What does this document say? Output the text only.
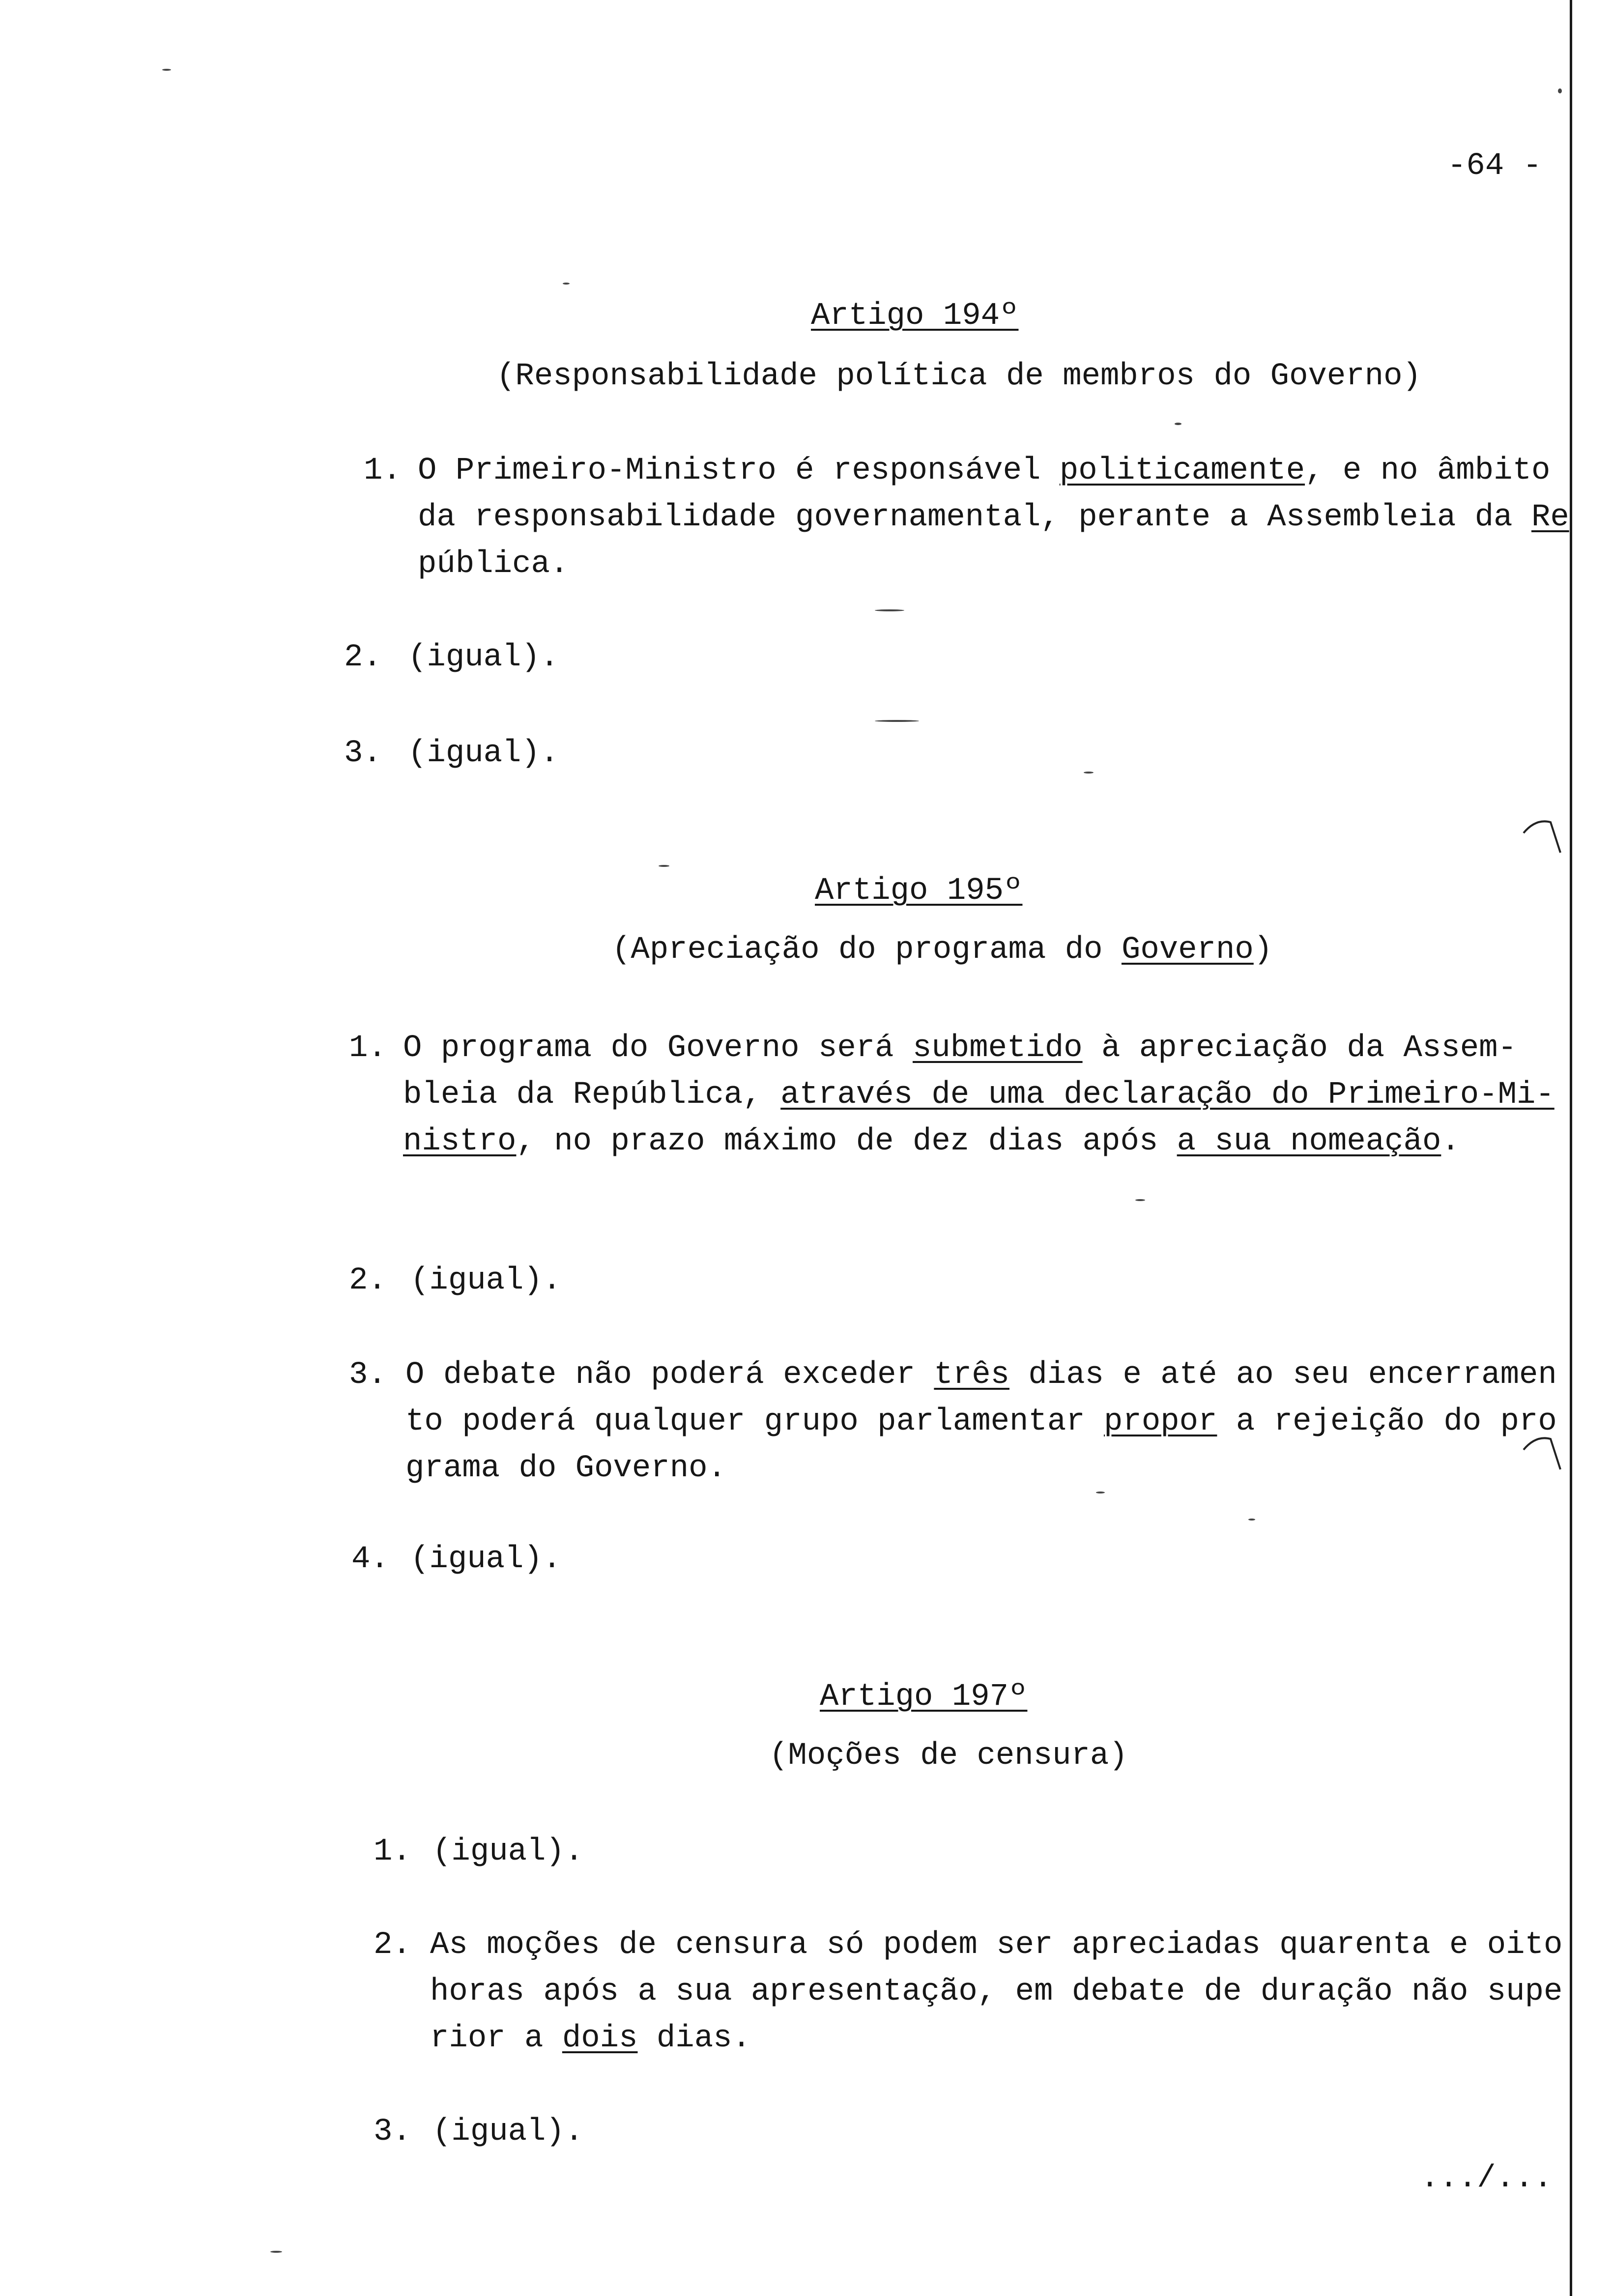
-64 -
Artigo 194º
(Responsabilidade política de membros do Governo)
1. O Primeiro-Ministro é responsável politicamente, e no âmbito
da responsabilidade governamental, perante a Assembleia da Re
pública.
2. (igual).
3. (igual).
Artigo 195º
(Apreciação do programa do Governo)
1. O programa do Governo será submetido à apreciação da Assem-
bleia da República, através de uma declaração do Primeiro-Mi-
nistro, no prazo máximo de dez dias após a sua nomeação.
2. (igual).
3. O debate não poderá exceder três dias e até ao seu encerramen
to poderá qualquer grupo parlamentar propor a rejeição do pro
grama do Governo.
4. (igual).
Artigo 197º
(Moções de censura)
1. (igual).
2. As moções de censura só podem ser apreciadas quarenta e oito
horas após a sua apresentação, em debate de duração não supe
rior a dois dias.
3. (igual).
.../...
